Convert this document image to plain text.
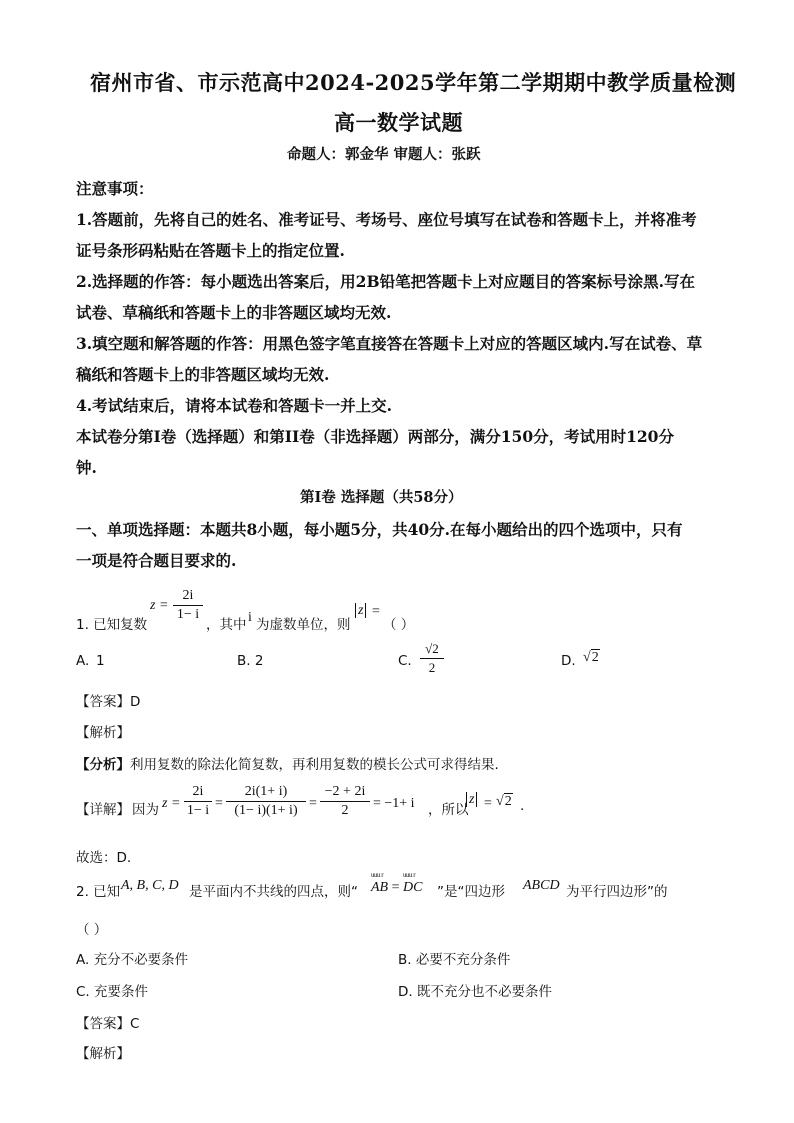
宿州市省、市示范高中2024-2025学年第二学期期中教学质量检测
高一数学试题
命题人：郭金华 审题人：张跃
注意事项：
1.答题前，先将自己的姓名、准考证号、考场号、座位号填写在试卷和答题卡上，并将准考
证号条形码粘贴在答题卡上的指定位置.
2.选择题的作答：每小题选出答案后，用2B铅笔把答题卡上对应题目的答案标号涂黑.写在
试卷、草稿纸和答题卡上的非答题区域均无效.
3.填空题和解答题的作答：用黑色签字笔直接答在答题卡上对应的答题区域内.写在试卷、草
稿纸和答题卡上的非答题区域均无效.
4.考试结束后，请将本试卷和答题卡一并上交.
本试卷分第I卷（选择题）和第II卷（非选择题）两部分，满分150分，考试用时120分
钟.
第I卷 选择题（共58分）
一、单项选择题：本题共8小题，每小题5分，共40分.在每小题给出的四个选项中，只有
一项是符合题目要求的.
1. 已知复数
z =
2i
1− i
，其中 i 为虚数单位，则
z =
（ ）
A. 1	B. 2	C.
√2
2	D. √2
【答案】D
【解析】
【分析】利用复数的除法化简复数，再利用复数的模长公式可求得结果.
【详解】 因为 z =
2i
1− i =
2i(1+ i)
(1− i)(1+ i) =
−2 + 2i
2	= −1+ i ，所以
z = √2 .
故选：D.
2. 已知 A, B, C, D 是平面内不共线的四点，则“ uuu r AB = uuu r DC ”是“四边形 ABCD 为平行四边形”的
（ ）
A. 充分不必要条件	B. 必要不充分条件
C. 充要条件	D. 既不充分也不必要条件
【答案】C
【解析】
